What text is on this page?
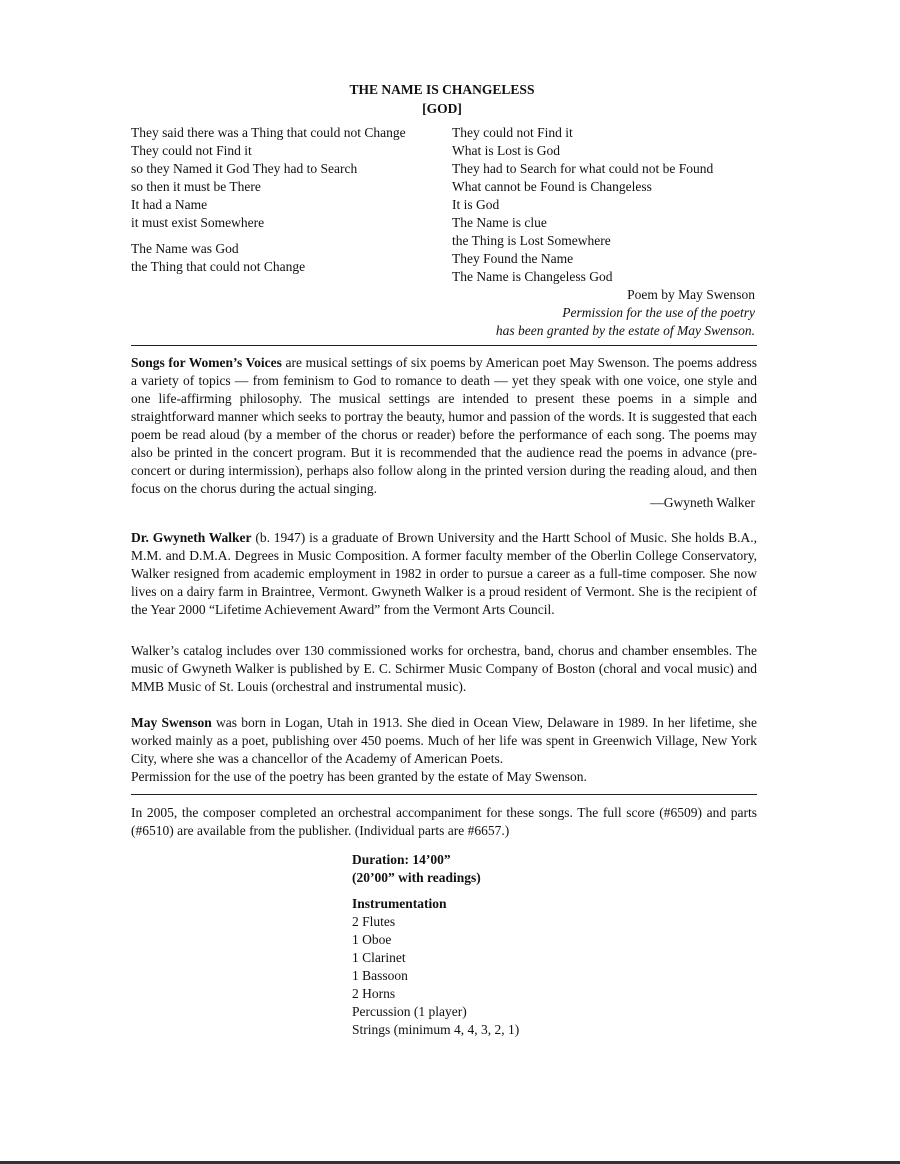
THE NAME IS CHANGELESS
[GOD]
They said there was a Thing that could not Change
They could not Find it
so they Named it God They had to Search
so then it must be There
It had a Name
it must exist Somewhere
The Name was God
the Thing that could not Change
They could not Find it
What is Lost is God
They had to Search for what could not be Found
What cannot be Found is Changeless
It is God
The Name is clue
the Thing is Lost Somewhere
They Found the Name
The Name is Changeless God
Poem by May Swenson
Permission for the use of the poetry
has been granted by the estate of May Swenson.
Songs for Women’s Voices are musical settings of six poems by American poet May Swenson. The poems address a variety of topics — from feminism to God to romance to death — yet they speak with one voice, one style and one life-affirming philosophy. The musical settings are intended to present these poems in a simple and straightforward manner which seeks to portray the beauty, humor and passion of the words. It is suggested that each poem be read aloud (by a member of the chorus or reader) before the performance of each song. The poems may also be printed in the concert program. But it is recommended that the audience read the poems in advance (pre-concert or during intermission), perhaps also follow along in the printed version during the reading aloud, and then focus on the chorus during the actual singing.
—Gwyneth Walker
Dr. Gwyneth Walker (b. 1947) is a graduate of Brown University and the Hartt School of Music. She holds B.A., M.M. and D.M.A. Degrees in Music Composition. A former faculty member of the Oberlin College Conservatory, Walker resigned from academic employment in 1982 in order to pursue a career as a full-time composer. She now lives on a dairy farm in Braintree, Vermont. Gwyneth Walker is a proud resident of Vermont. She is the recipient of the Year 2000 “Lifetime Achievement Award” from the Vermont Arts Council.
Walker’s catalog includes over 130 commissioned works for orchestra, band, chorus and chamber ensembles. The music of Gwyneth Walker is published by E. C. Schirmer Music Company of Boston (choral and vocal music) and MMB Music of St. Louis (orchestral and instrumental music).
May Swenson was born in Logan, Utah in 1913. She died in Ocean View, Delaware in 1989. In her lifetime, she worked mainly as a poet, publishing over 450 poems. Much of her life was spent in Greenwich Village, New York City, where she was a chancellor of the Academy of American Poets.
Permission for the use of the poetry has been granted by the estate of May Swenson.
In 2005, the composer completed an orchestral accompaniment for these songs. The full score (#6509) and parts (#6510) are available from the publisher. (Individual parts are #6657.)
Duration: 14’00”
(20’00” with readings)
Instrumentation
2 Flutes
1 Oboe
1 Clarinet
1 Bassoon
2 Horns
Percussion (1 player)
Strings (minimum 4, 4, 3, 2, 1)
